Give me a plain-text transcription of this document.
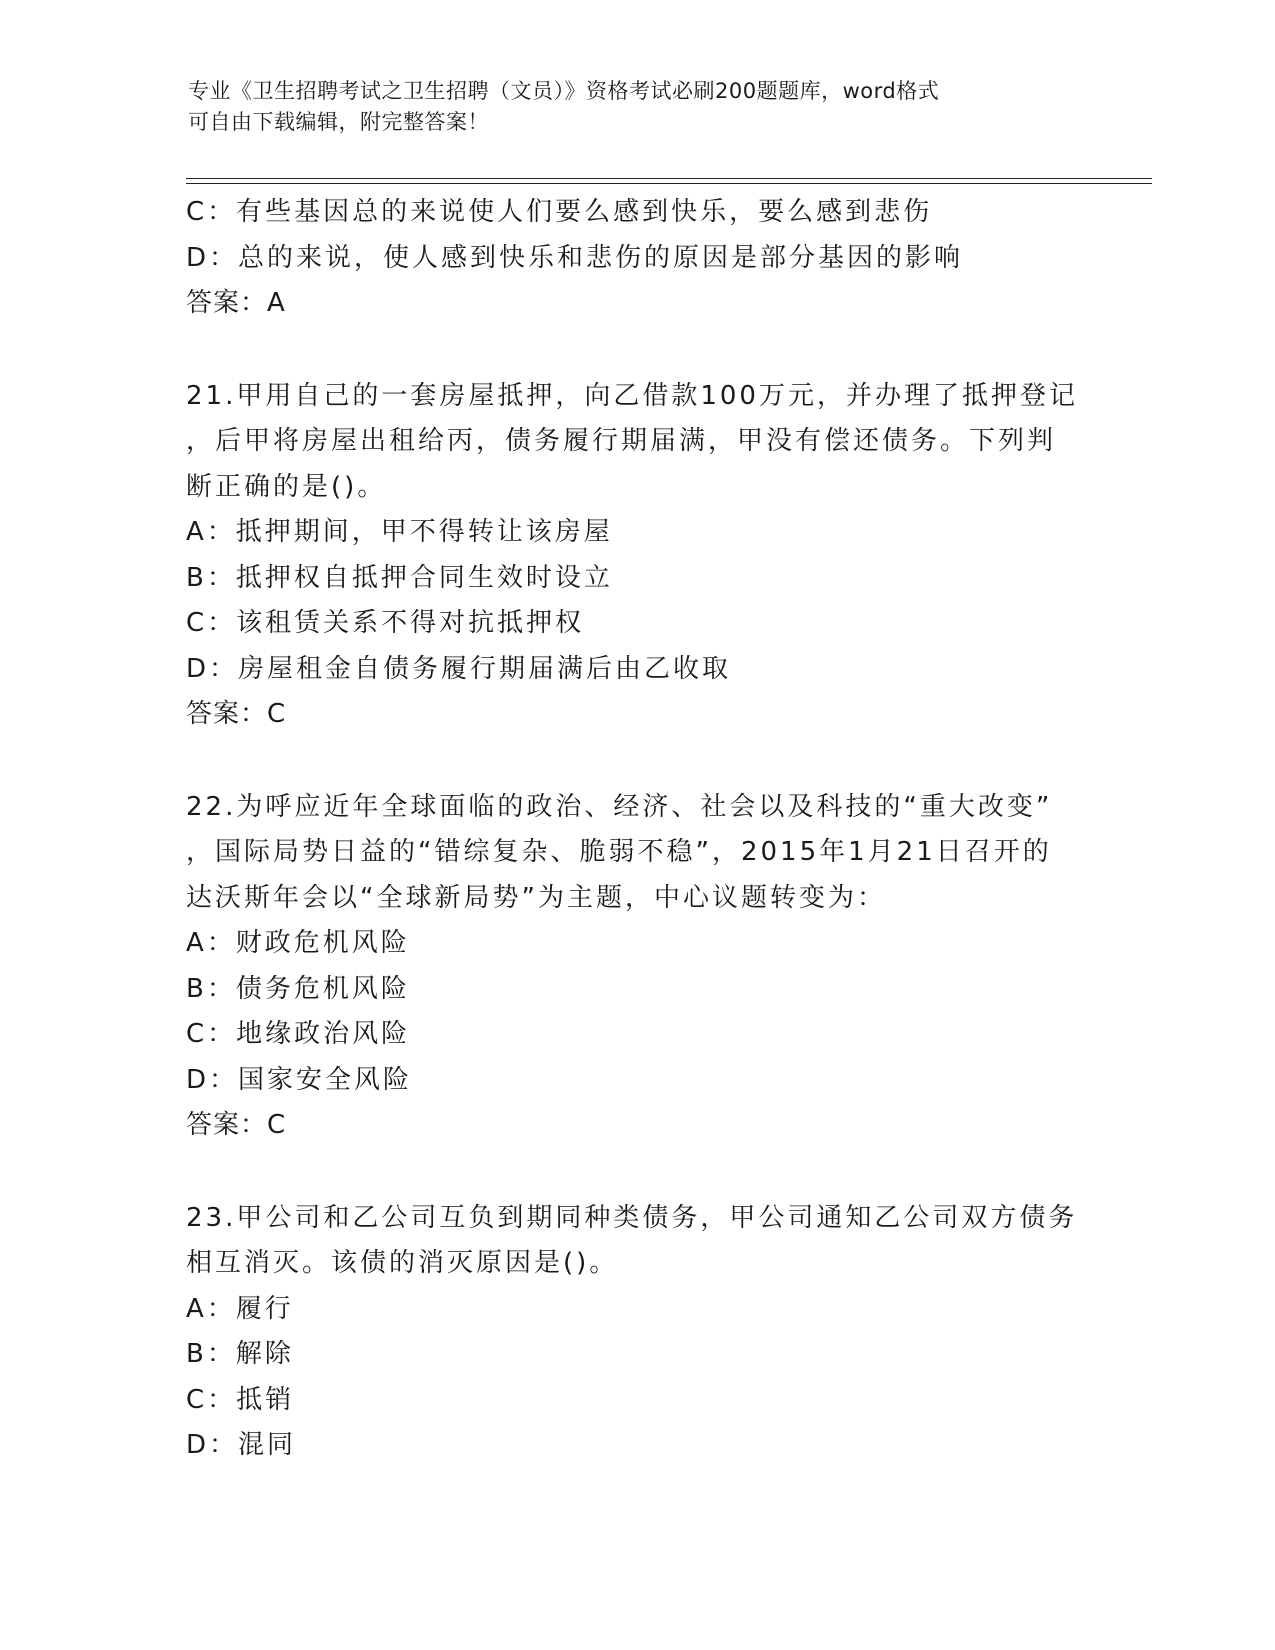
专业《卫生招聘考试之卫生招聘（文员）》资格考试必刷200题题库，word格式
可自由下载编辑，附完整答案！
C：有些基因总的来说使人们要么感到快乐，要么感到悲伤
D：总的来说，使人感到快乐和悲伤的原因是部分基因的影响
答案：A
21.甲用自己的一套房屋抵押，向乙借款100万元，并办理了抵押登记
，后甲将房屋出租给丙，债务履行期届满，甲没有偿还债务。下列判
断正确的是()。
A：抵押期间，甲不得转让该房屋
B：抵押权自抵押合同生效时设立
C：该租赁关系不得对抗抵押权
D：房屋租金自债务履行期届满后由乙收取
答案：C
22.为呼应近年全球面临的政治、经济、社会以及科技的“重大改变”
，国际局势日益的“错综复杂、脆弱不稳”，2015年1月21日召开的
达沃斯年会以“全球新局势”为主题，中心议题转变为：
A：财政危机风险
B：债务危机风险
C：地缘政治风险
D：国家安全风险
答案：C
23.甲公司和乙公司互负到期同种类债务，甲公司通知乙公司双方债务
相互消灭。该债的消灭原因是()。
A：履行
B：解除
C：抵销
D：混同
